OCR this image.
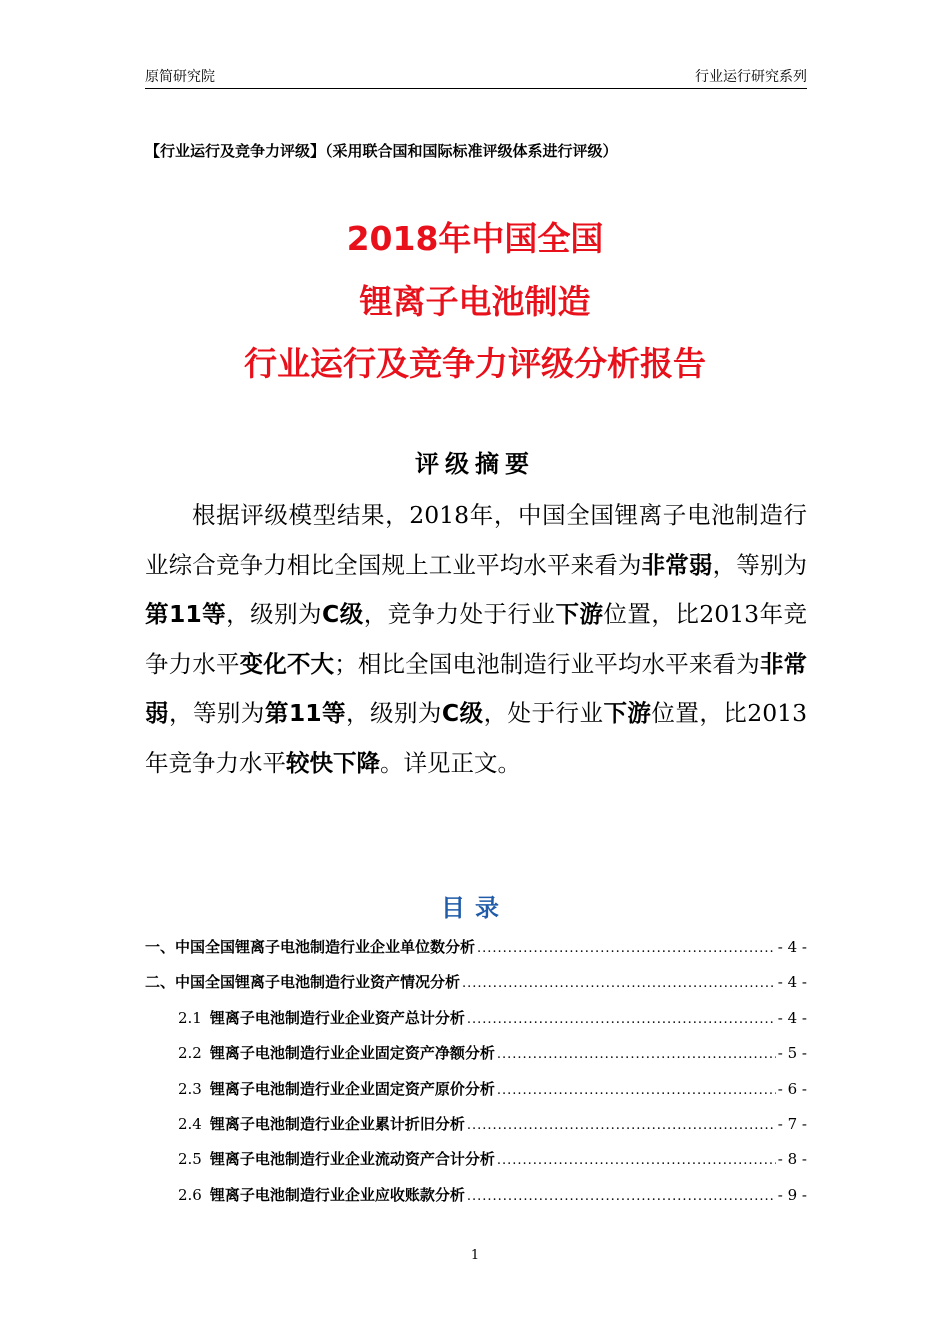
原简研究院	行业运行研究系列
【行业运行及竞争力评级】（采用联合国和国际标准评级体系进行评级）
2018年中国全国
锂离子电池制造
行业运行及竞争力评级分析报告
评级摘要

根据评级模型结果，2018年，中国全国锂离子电池制造行业综合竞争力相比全国规上工业平均水平来看为非常弱，等别为第11等，级别为C级，竞争力处于行业下游位置，比2013年竞争力水平变化不大；相比全国电池制造行业平均水平来看为非常弱，等别为第11等，级别为C级，处于行业下游位置，比2013年竞争力水平较快下降。详见正文。

目录
一、中国全国锂离子电池制造行业企业单位数分析 .....	- 4 -
二、中国全国锂离子电池制造行业资产情况分析 .....	- 4 -
2.1 锂离子电池制造行业企业资产总计分析 .....	- 4 -
2.2 锂离子电池制造行业企业固定资产净额分析 .....	- 5 -
2.3 锂离子电池制造行业企业固定资产原价分析 .....	- 6 -
2.4 锂离子电池制造行业企业累计折旧分析 .....	- 7 -
2.5 锂离子电池制造行业企业流动资产合计分析 .....	- 8 -
2.6 锂离子电池制造行业企业应收账款分析 .....	- 9 -
1
